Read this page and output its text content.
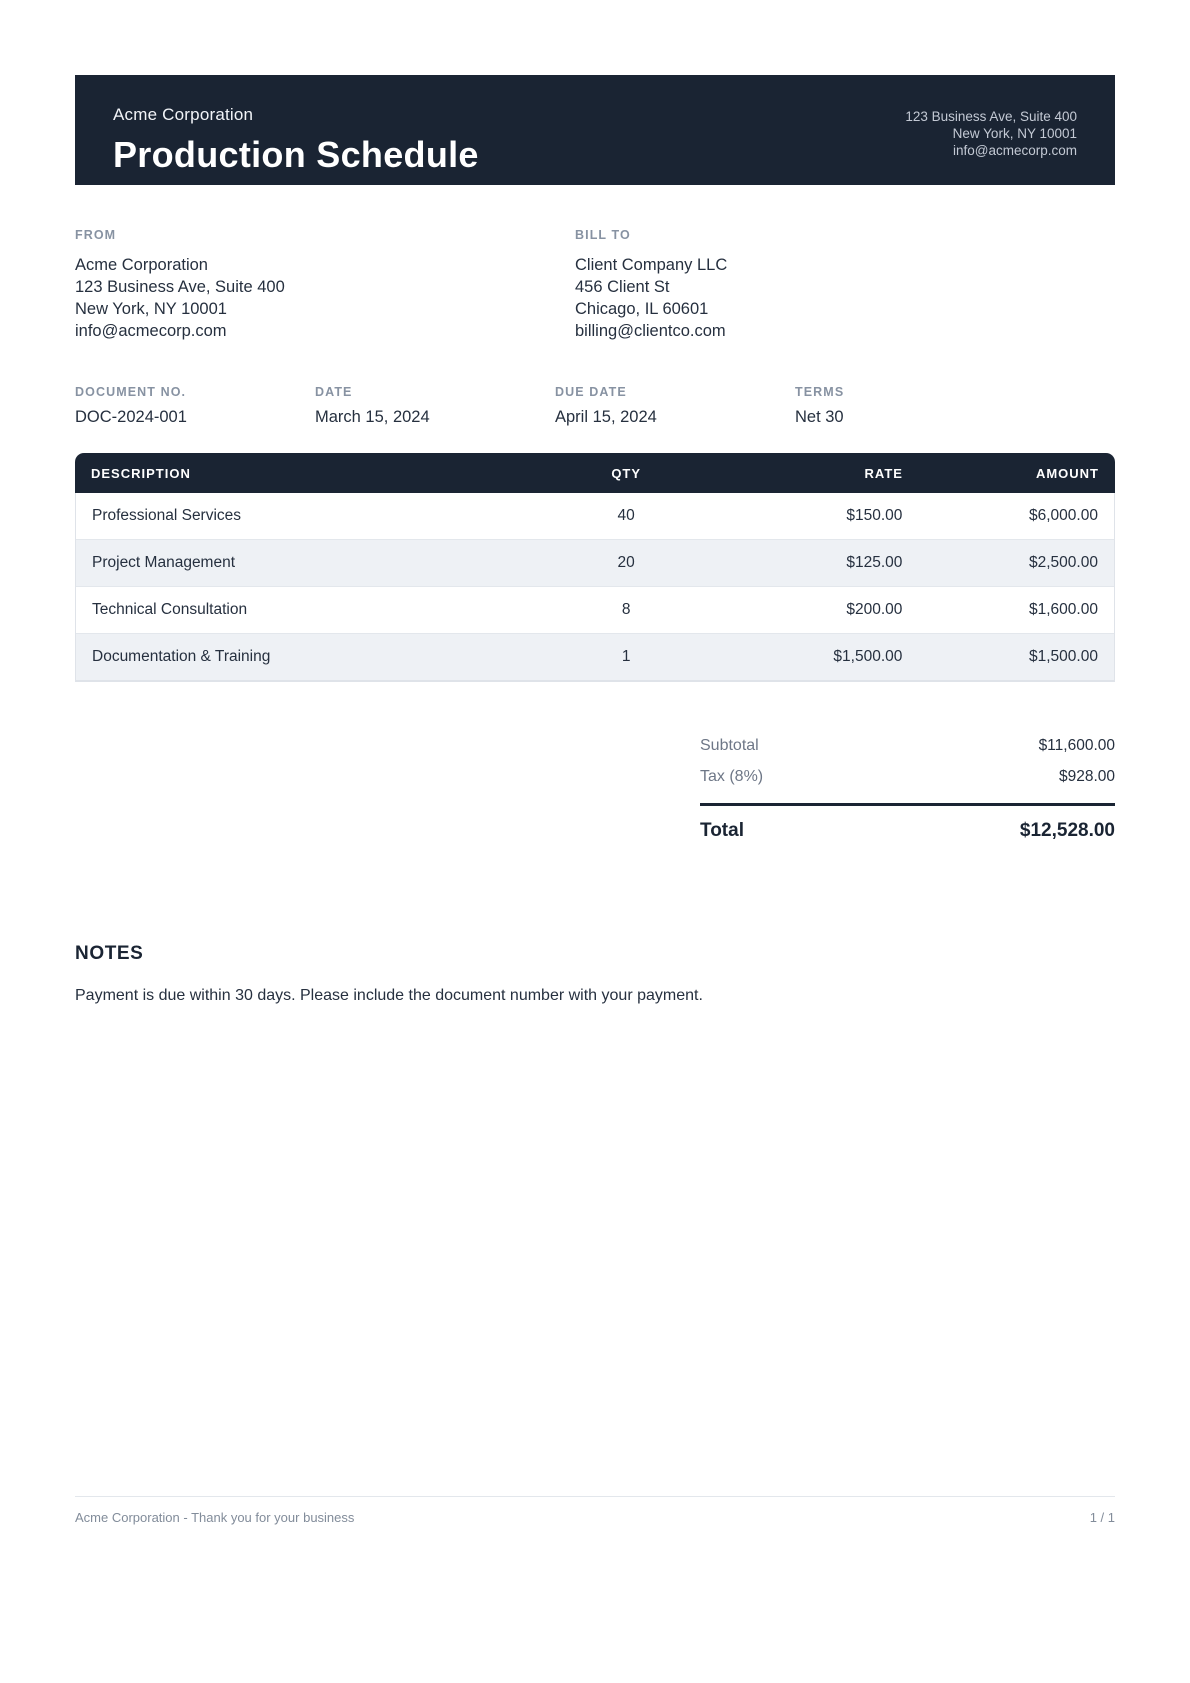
Acme Corporation
Production Schedule
123 Business Ave, Suite 400
New York, NY 10001
info@acmecorp.com
FROM
Acme Corporation
123 Business Ave, Suite 400
New York, NY 10001
info@acmecorp.com
BILL TO
Client Company LLC
456 Client St
Chicago, IL 60601
billing@clientco.com
DOCUMENT NO.
DOC-2024-001
DATE
March 15, 2024
DUE DATE
April 15, 2024
TERMS
Net 30
DESCRIPTION	QTY	RATE	AMOUNT
Professional Services	40	$150.00	$6,000.00
Project Management	20	$125.00	$2,500.00
Technical Consultation	8	$200.00	$1,600.00
Documentation & Training	1	$1,500.00	$1,500.00
Subtotal	$11,600.00
Tax (8%)	$928.00
Total	$12,528.00
NOTES
Payment is due within 30 days. Please include the document number with your payment.
Acme Corporation - Thank you for your business	1 / 1
